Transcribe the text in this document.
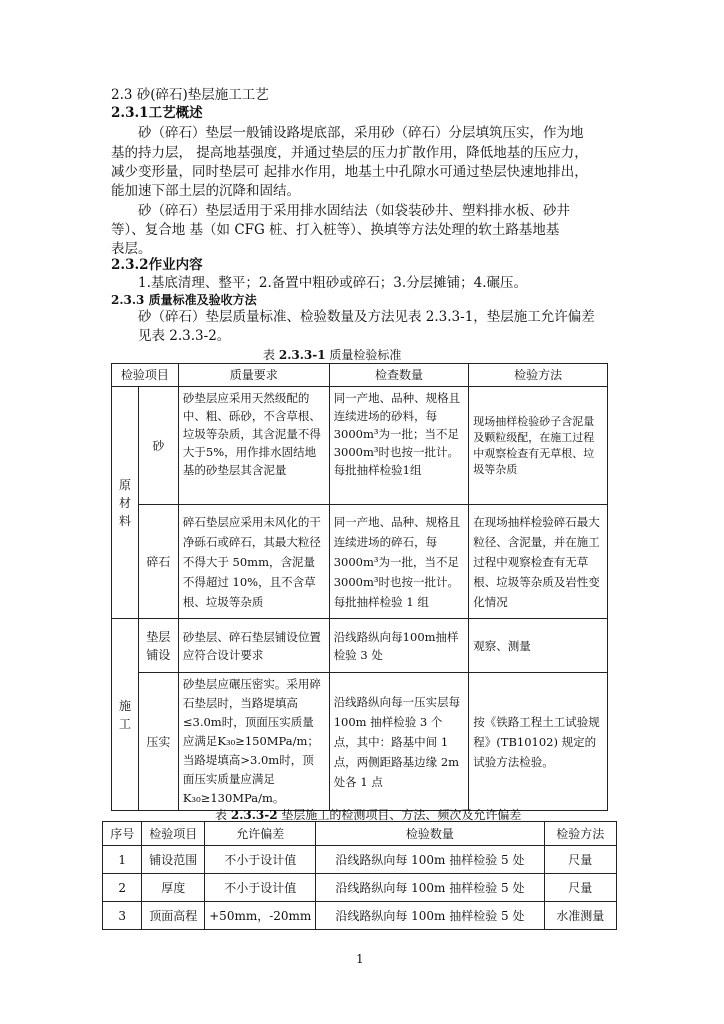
2.3 砂(碎石)垫层施工工艺
2.3.1工艺概述
砂（碎石）垫层一般铺设路堤底部，采用砂（碎石）分层填筑压实，作为地
基的持力层， 提高地基强度，并通过垫层的压力扩散作用，降低地基的压应力，
减少变形量，同时垫层可 起排水作用，地基土中孔隙水可通过垫层快速地排出，
能加速下部土层的沉降和固结。
砂（碎石）垫层适用于采用排水固结法（如袋装砂井、塑料排水板、砂井
等）、复合地 基（如 CFG 桩、打入桩等）、换填等方法处理的软土路基地基
表层。
2.3.2作业内容
1.基底清理、整平；2.备置中粗砂或碎石；3.分层摊铺；4.碾压。
2.3.3 质量标准及验收方法
砂（碎石）垫层质量标准、检验数量及方法见表 2.3.3-1，垫层施工允许偏差
见表 2.3.3-2。
表 2.3.3-1 质量检验标准
检验项目		质量要求	检查数量	检验方法
原材料	砂	砂垫层应采用天然级配的中、粗、砾砂，不含草根、垃圾等杂质，其含泥量不得大于5%，用作排水固结地基的砂垫层其含泥量	同一产地、品种、规格且连续进场的砂料，每3000m³为一批；当不足3000m³时也按一批计。每批抽样检验1组	现场抽样检验砂子含泥量及颗粒级配，在施工过程中观察检查有无草根、垃圾等杂质
	碎石	碎石垫层应采用未风化的干净砾石或碎石，其最大粒径不得大于 50mm，含泥量不得超过 10%，且不含草根、垃圾等杂质	同一产地、品种、规格且连续进场的碎石，每3000m³为一批，当不足3000m³时也按一批计。每批抽样检验 1 组	在现场抽样检验碎石最大粒径、含泥量，并在施工过程中观察检查有无草根、垃圾等杂质及岩性变化情况
施工	垫层铺设	砂垫层、碎石垫层铺设位置应符合设计要求	沿线路纵向每100m抽样检验 3 处	观察、测量
	压实	砂垫层应碾压密实。采用碎石垫层时，当路堤填高≤3.0m时，顶面压实质量应满足K₃₀≥150MPa/m；当路堤填高>3.0m时，顶面压实质量应满足K₃₀≥130MPa/m。	沿线路纵向每一压实层每 100m 抽样检验 3 个点，其中：路基中间 1 点，两侧距路基边缘 2m 处各 1 点	按《铁路工程土工试验规程》(TB10102) 规定的试验方法检验。
表 2.3.3-2 垫层施工的检测项目、方法、频次及允许偏差
序号	检验项目	允许偏差	检验数量	检验方法
1	铺设范围	不小于设计值	沿线路纵向每 100m 抽样检验 5 处	尺量
2	厚度	不小于设计值	沿线路纵向每 100m 抽样检验 5 处	尺量
3	顶面高程	+50mm，-20mm	沿线路纵向每 100m 抽样检验 5 处	水准测量
1
